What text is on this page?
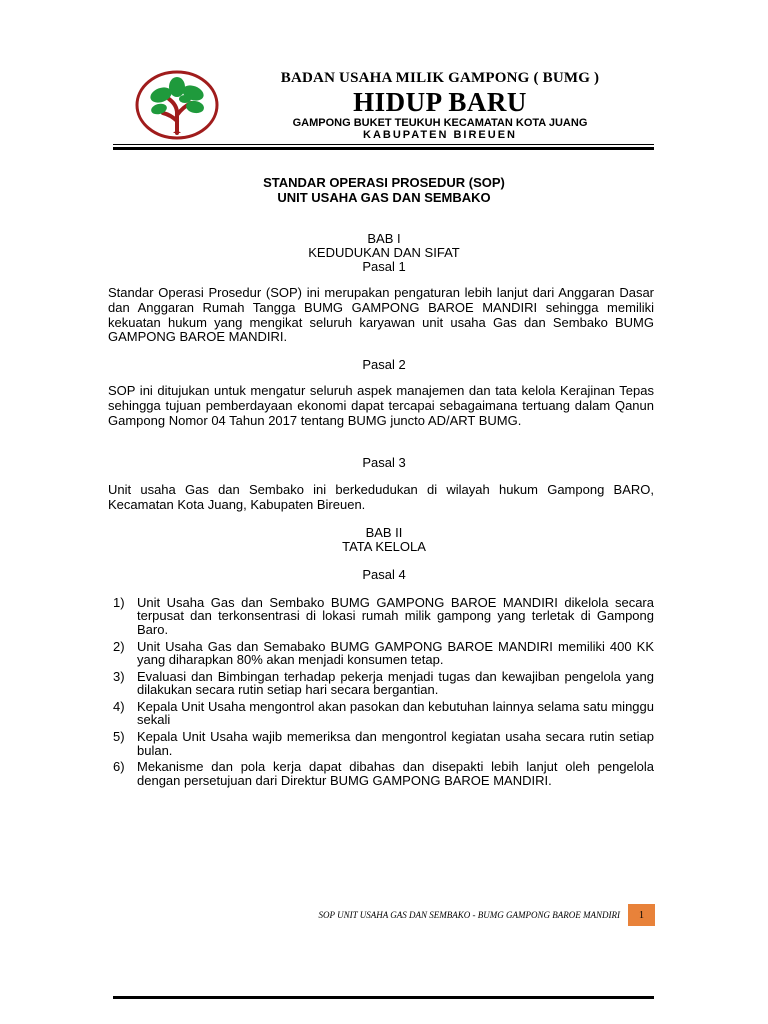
BADAN USAHA MILIK GAMPONG ( BUMG )
HIDUP BARU
GAMPONG BUKET TEUKUH KECAMATAN KOTA JUANG
KABUPATEN BIREUEN
STANDAR OPERASI PROSEDUR (SOP)
UNIT USAHA GAS DAN SEMBAKO
BAB I
KEDUDUKAN DAN SIFAT
Pasal 1

Standar Operasi Prosedur (SOP) ini merupakan pengaturan lebih lanjut dari Anggaran Dasar dan Anggaran Rumah Tangga BUMG GAMPONG BAROE MANDIRI sehingga memiliki kekuatan hukum yang mengikat seluruh karyawan unit usaha Gas dan Sembako BUMG GAMPONG BAROE MANDIRI.

Pasal 2

SOP ini ditujukan untuk mengatur seluruh aspek manajemen dan tata kelola Kerajinan Tepas sehingga tujuan pemberdayaan ekonomi dapat tercapai sebagaimana tertuang dalam Qanun Gampong Nomor 04 Tahun 2017 tentang BUMG juncto AD/ART BUMG.

Pasal 3

Unit usaha Gas dan Sembako ini berkedudukan di wilayah hukum Gampong BARO, Kecamatan Kota Juang, Kabupaten Bireuen.

BAB II
TATA KELOLA
Pasal 4
1) Unit Usaha Gas dan Sembako BUMG GAMPONG BAROE MANDIRI dikelola secara terpusat dan terkonsentrasi di lokasi rumah milik gampong yang terletak di Gampong Baro.
2) Unit Usaha Gas dan Semabako BUMG GAMPONG BAROE MANDIRI memiliki 400 KK yang diharapkan 80% akan menjadi konsumen tetap.
3) Evaluasi dan Bimbingan terhadap pekerja menjadi tugas dan kewajiban pengelola yang dilakukan secara rutin setiap hari secara bergantian.
4) Kepala Unit Usaha mengontrol akan pasokan dan kebutuhan lainnya selama satu minggu sekali
5) Kepala Unit Usaha wajib memeriksa dan mengontrol kegiatan usaha secara rutin setiap bulan.
6) Mekanisme dan pola kerja dapat dibahas dan disepakti lebih lanjut oleh pengelola dengan persetujuan dari Direktur BUMG GAMPONG BAROE MANDIRI.
SOP UNIT USAHA GAS DAN SEMBAKO - BUMG GAMPONG BAROE MANDIRI	1
